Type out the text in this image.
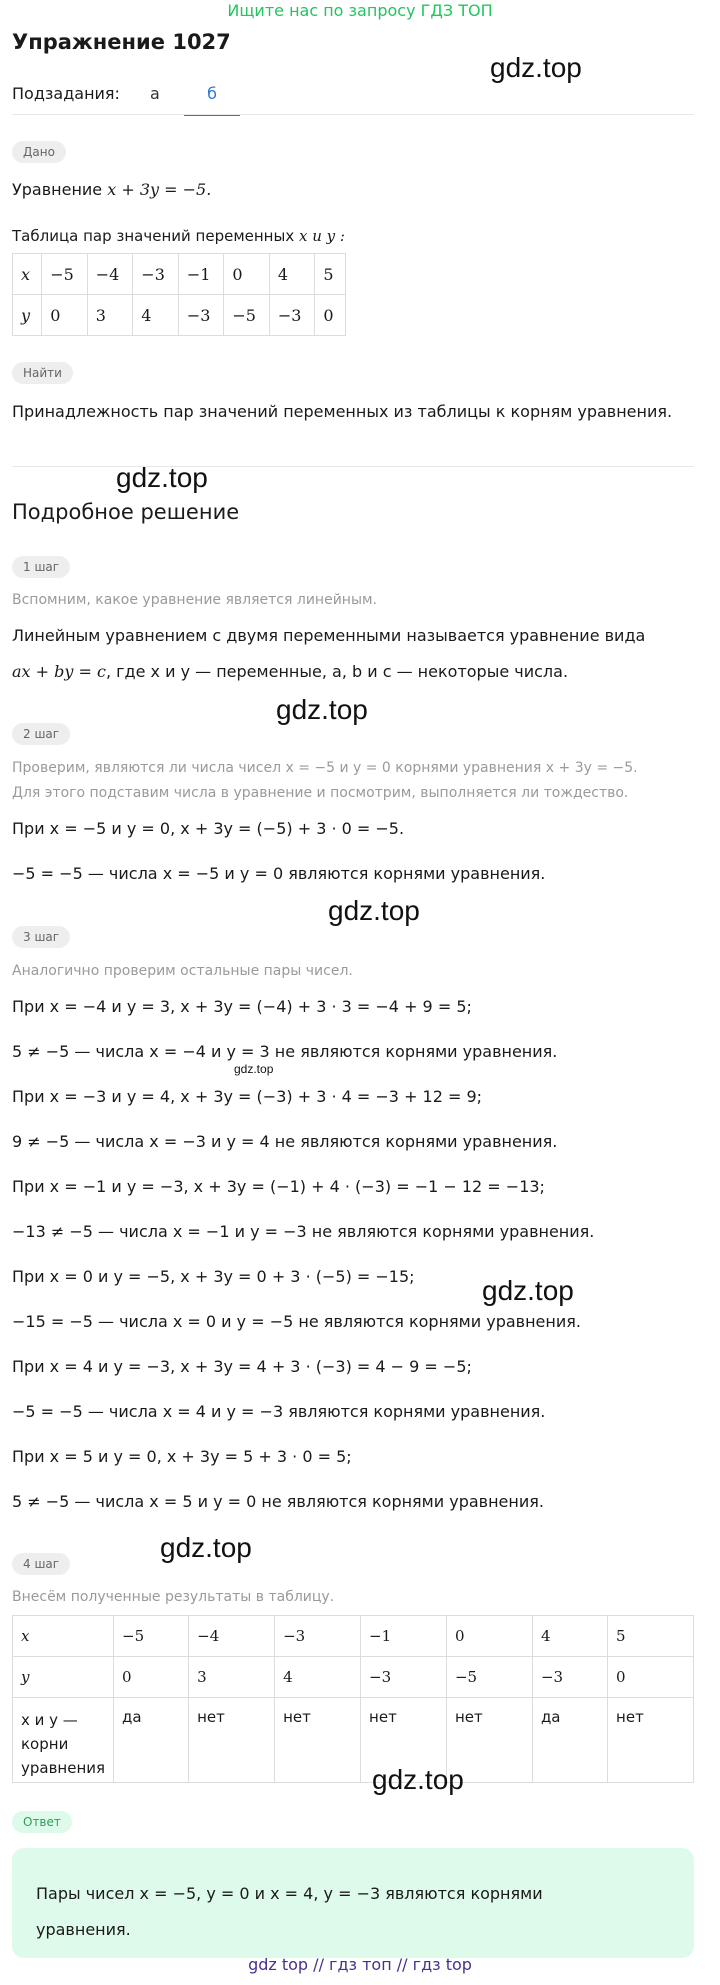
Ищите нас по запросу ГДЗ ТОП
Упражнение 1027
gdz.top
Подзадания:	а	б
Дано
Уравнение x + 3y = −5.
Таблица пар значений переменных x и y :
x	−5	−4	−3	−1	0	4	5
y	0	3	4	−3	−5	−3	0
Найти
Принадлежность пар значений переменных из таблицы к корням уравнения.
gdz.top
Подробное решение
1 шаг
Вспомним, какое уравнение является линейным.
Линейным уравнением с двумя переменными называется уравнение вида
ax + by = c, где x и y — переменные, a, b и c — некоторые числа.
gdz.top
2 шаг
Проверим, являются ли числа чисел x = −5 и y = 0 корнями уравнения x + 3y = −5.
Для этого подставим числа в уравнение и посмотрим, выполняется ли тождество.
При x = −5 и y = 0, x + 3y = (−5) + 3 · 0 = −5.
−5 = −5 — числа x = −5 и y = 0 являются корнями уравнения.
gdz.top
3 шаг
Аналогично проверим остальные пары чисел.
При x = −4 и y = 3, x + 3y = (−4) + 3 · 3 = −4 + 9 = 5;
5 ≠ −5 — числа x = −4 и y = 3 не являются корнями уравнения.
gdz.top
При x = −3 и y = 4, x + 3y = (−3) + 3 · 4 = −3 + 12 = 9;
9 ≠ −5 — числа x = −3 и y = 4 не являются корнями уравнения.
При x = −1 и y = −3, x + 3y = (−1) + 4 · (−3) = −1 − 12 = −13;
−13 ≠ −5 — числа x = −1 и y = −3 не являются корнями уравнения.
При x = 0 и y = −5, x + 3y = 0 + 3 · (−5) = −15; gdz.top
−15 = −5 — числа x = 0 и y = −5 не являются корнями уравнения.
При x = 4 и y = −3, x + 3y = 4 + 3 · (−3) = 4 − 9 = −5;
−5 = −5 — числа x = 4 и y = −3 являются корнями уравнения.
При x = 5 и y = 0, x + 3y = 5 + 3 · 0 = 5;
5 ≠ −5 — числа x = 5 и y = 0 не являются корнями уравнения.
gdz.top
4 шаг
Внесём полученные результаты в таблицу.
x	−5	−4	−3	−1	0	4	5
y	0	3	4	−3	−5	−3	0
x и y — корни уравнения	да	нет	нет	нет	нет	да	нет
gdz.top
Ответ
Пары чисел x = −5, y = 0 и x = 4, y = −3 являются корнями уравнения.
gdz top // гдз топ // гдз top
